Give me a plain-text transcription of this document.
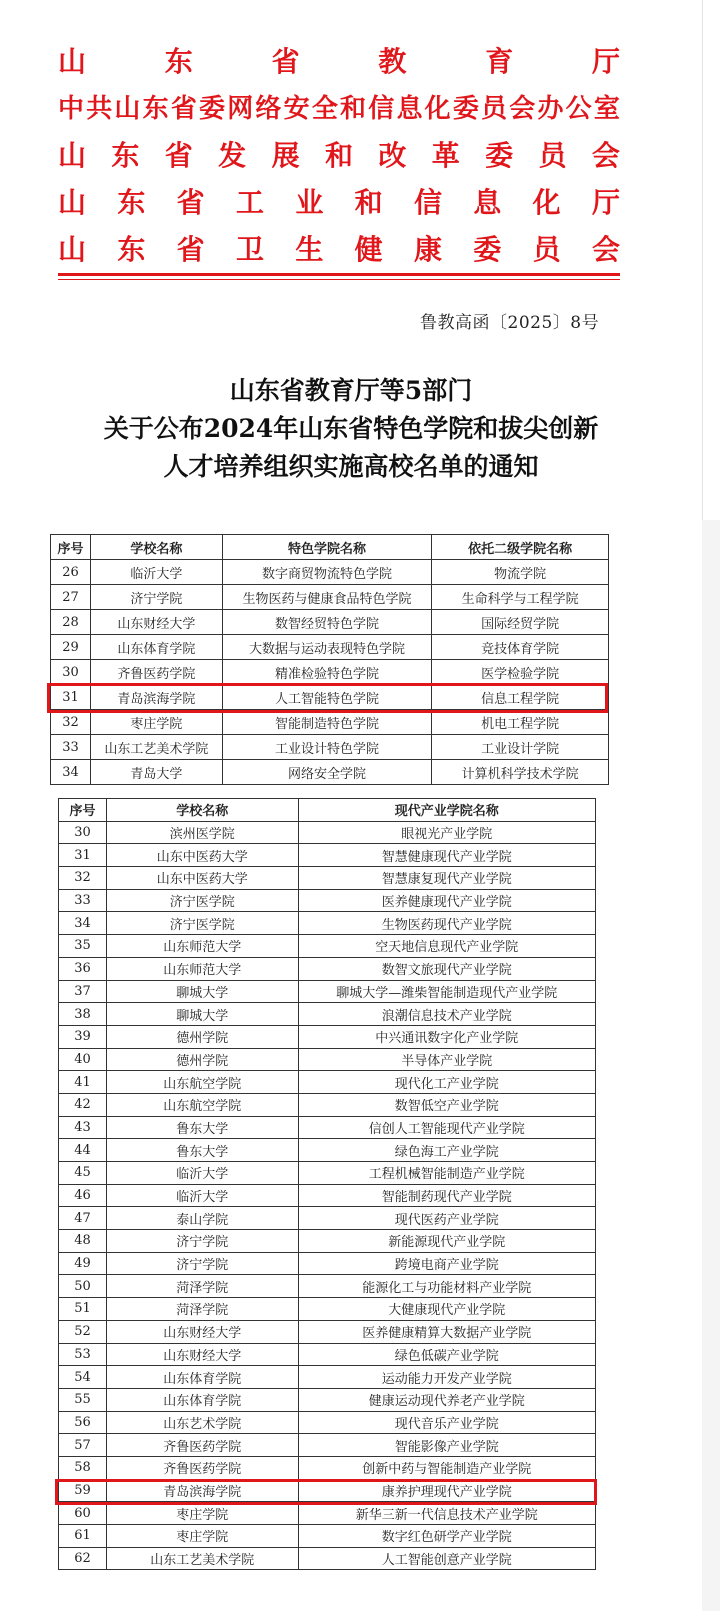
山	东	省	教	育	厅
中 共 山 东 省 委 网 络 安 全 和 信 息 化 委 员 会 办 公 室
山 东 省 发 展 和 改 革 委 员 会
山 东 省 工 业 和 信 息 化 厅
山 东 省 卫 生 健 康 委 员 会
鲁教高函〔2025〕8号
山东省教育厅等5部门
关于公布2024年山东省特色学院和拔尖创新
人才培养组织实施高校名单的通知
序号	学校名称	特色学院名称	依托二级学院名称
26	临沂大学	数字商贸物流特色学院	物流学院
27	济宁学院	生物医药与健康食品特色学院	生命科学与工程学院
28	山东财经大学	数智经贸特色学院	国际经贸学院
29	山东体育学院	大数据与运动表现特色学院	竞技体育学院
30	齐鲁医药学院	精准检验特色学院	医学检验学院
31	青岛滨海学院	人工智能特色学院	信息工程学院
32	枣庄学院	智能制造特色学院	机电工程学院
33	山东工艺美术学院	工业设计特色学院	工业设计学院
34	青岛大学	网络安全学院	计算机科学技术学院
序号	学校名称	现代产业学院名称
30	滨州医学院	眼视光产业学院
31	山东中医药大学	智慧健康现代产业学院
32	山东中医药大学	智慧康复现代产业学院
33	济宁医学院	医养健康现代产业学院
34	济宁医学院	生物医药现代产业学院
35	山东师范大学	空天地信息现代产业学院
36	山东师范大学	数智文旅现代产业学院
37	聊城大学	聊城大学—潍柴智能制造现代产业学院
38	聊城大学	浪潮信息技术产业学院
39	德州学院	中兴通讯数字化产业学院
40	德州学院	半导体产业学院
41	山东航空学院	现代化工产业学院
42	山东航空学院	数智低空产业学院
43	鲁东大学	信创人工智能现代产业学院
44	鲁东大学	绿色海工产业学院
45	临沂大学	工程机械智能制造产业学院
46	临沂大学	智能制药现代产业学院
47	泰山学院	现代医药产业学院
48	济宁学院	新能源现代产业学院
49	济宁学院	跨境电商产业学院
50	菏泽学院	能源化工与功能材料产业学院
51	菏泽学院	大健康现代产业学院
52	山东财经大学	医养健康精算大数据产业学院
53	山东财经大学	绿色低碳产业学院
54	山东体育学院	运动能力开发产业学院
55	山东体育学院	健康运动现代养老产业学院
56	山东艺术学院	现代音乐产业学院
57	齐鲁医药学院	智能影像产业学院
58	齐鲁医药学院	创新中药与智能制造产业学院
59	青岛滨海学院	康养护理现代产业学院
60	枣庄学院	新华三新一代信息技术产业学院
61	枣庄学院	数字红色研学产业学院
62	山东工艺美术学院	人工智能创意产业学院
